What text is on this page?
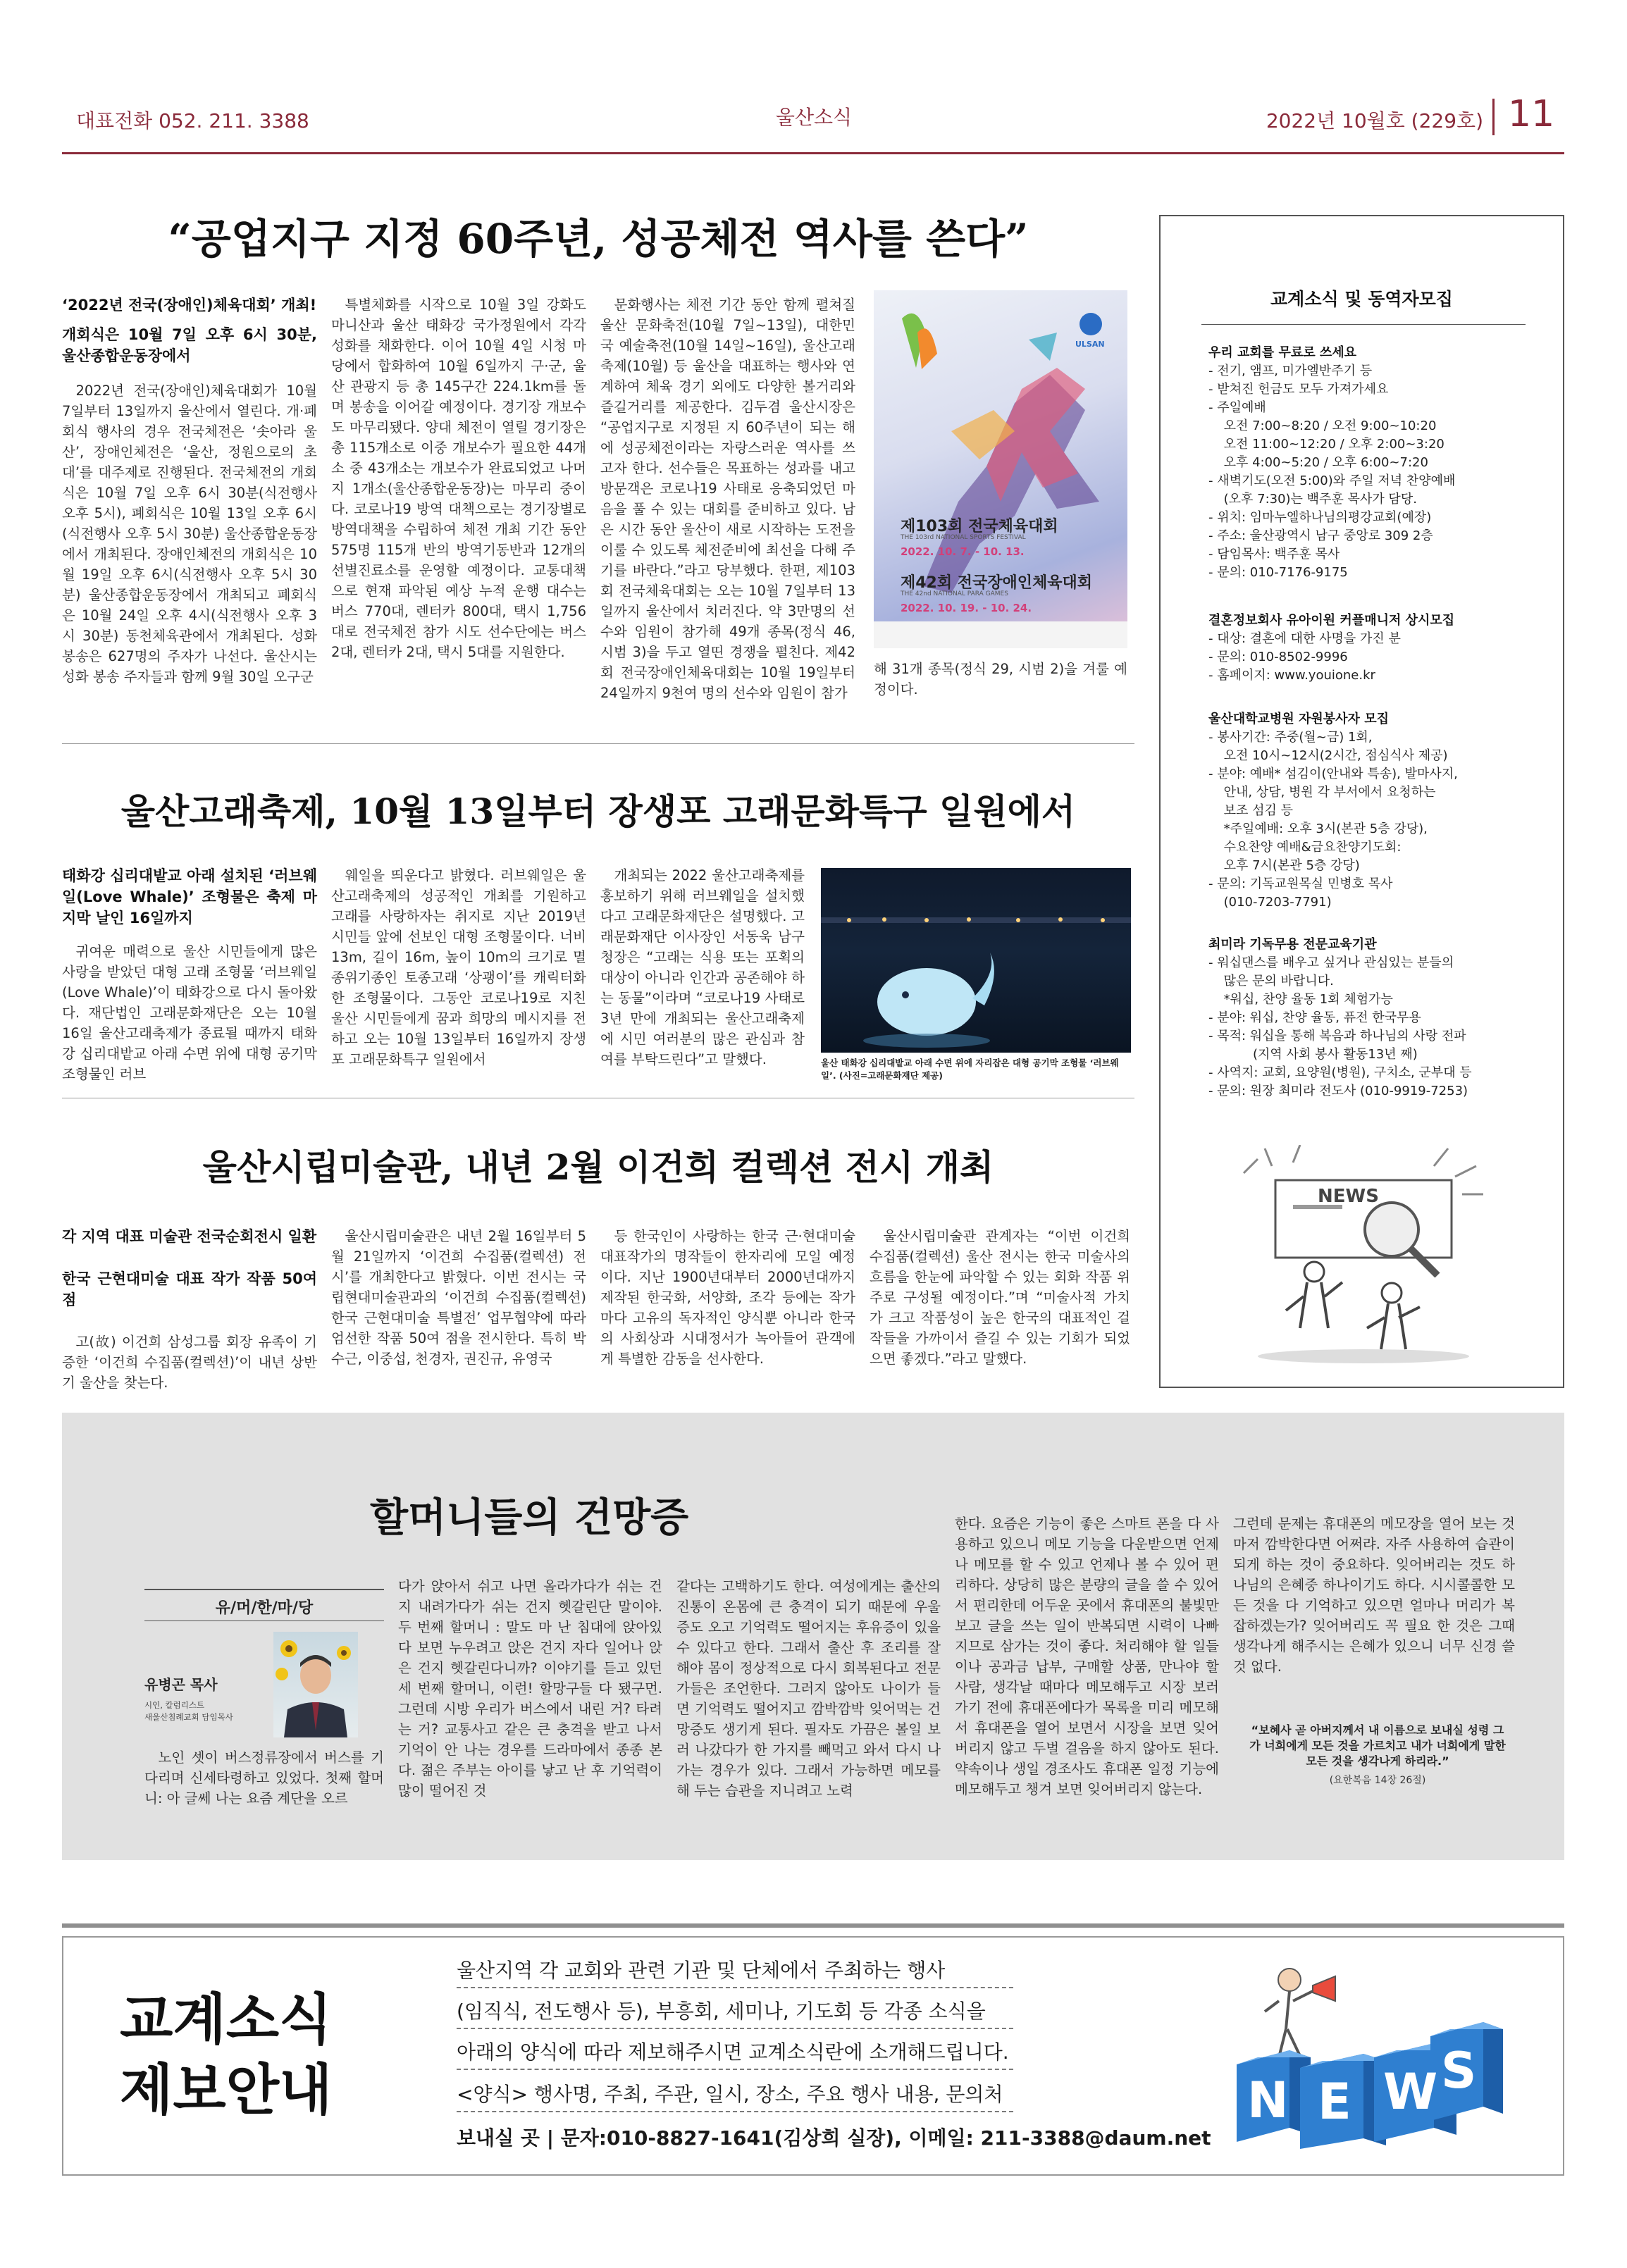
대표전화 052. 211. 3388	울산소식	2022년 10월호 (229호) 11
“공업지구 지정 60주년, 성공체전 역사를 쓴다”
‘2022년 전국(장애인)체육대회’ 개최!
개회식은 10월 7일 오후 6시 30분, 울산종합운동장에서

2022년 전국(장애인)체육대회가 10월 7일부터 13일까지 울산에서 열린다. 개·폐회식 행사의 경우 전국체전은 ‘솟아라 울산’, 장애인체전은 ‘울산, 정원으로의 초대’를 대주제로 진행된다. 전국체전의 개회식은 10월 7일 오후 6시 30분(식전행사 오후 5시), 폐회식은 10월 13일 오후 6시(식전행사 오후 5시 30분) 울산종합운동장에서 개최된다. 장애인체전의 개회식은 10월 19일 오후 6시(식전행사 오후 5시 30분) 울산종합운동장에서 개최되고 폐회식은 10월 24일 오후 4시(식전행사 오후 3시 30분) 동천체육관에서 개최된다. 성화 봉송은 627명의 주자가 나선다. 울산시는 성화 봉송 주자들과 함께 9월 30일 오구군

특별체화를 시작으로 10월 3일 강화도 마니산과 울산 태화강 국가정원에서 각각 성화를 채화한다. 이어 10월 4일 시청 마당에서 합화하여 10월 6일까지 구·군, 울산 관광지 등 총 145구간 224.1km를 돌며 봉송을 이어갈 예정이다. 경기장 개보수도 마무리됐다. 양대 체전이 열릴 경기장은 총 115개소로 이중 개보수가 필요한 44개소 중 43개소는 개보수가 완료되었고 나머지 1개소(울산종합운동장)는 마무리 중이다. 코로나19 방역 대책으로는 경기장별로 방역대책을 수립하여 체전 개최 기간 동안 575명 115개 반의 방역기동반과 12개의 선별진료소를 운영할 예정이다. 교통대책으로 현재 파악된 예상 누적 운행 대수는 버스 770대, 렌터카 800대, 택시 1,756대로 전국체전 참가 시도 선수단에는 버스 2대, 렌터카 2대, 택시 5대를 지원한다.

문화행사는 체전 기간 동안 함께 펼쳐질 울산 문화축전(10월 7일~13일), 대한민국 예술축전(10월 14일~16일), 울산고래축제(10월) 등 울산을 대표하는 행사와 연계하여 체육 경기 외에도 다양한 볼거리와 즐길거리를 제공한다. 김두겸 울산시장은 “공업지구로 지정된 지 60주년이 되는 해에 성공체전이라는 자랑스러운 역사를 쓰고자 한다. 선수들은 목표하는 성과를 내고 방문객은 코로나19 사태로 응축되었던 마음을 풀 수 있는 대회를 준비하고 있다. 남은 시간 동안 울산이 새로 시작하는 도전을 이룰 수 있도록 체전준비에 최선을 다해 주기를 바란다.”라고 당부했다. 한편, 제103회 전국체육대회는 오는 10월 7일부터 13일까지 울산에서 치러진다. 약 3만명의 선수와 임원이 참가해 49개 종목(정식 46, 시범 3)을 두고 열띤 경쟁을 펼친다. 제42회 전국장애인체육대회는 10월 19일부터 24일까지 9천여 명의 선수와 임원이 참가

ULSAN
제103회 전국체육대회
THE 103rd NATIONAL SPORTS FESTIVAL
2022. 10. 7. - 10. 13.
제42회 전국장애인체육대회
THE 42nd NATIONAL PARA GAMES
2022. 10. 19. - 10. 24.

해 31개 종목(정식 29, 시범 2)을 겨룰 예정이다.

울산고래축제, 10월 13일부터 장생포 고래문화특구 일원에서
태화강 십리대밭교 아래 설치된 ‘러브웨일(Love Whale)’ 조형물은 축제 마지막 날인 16일까지

귀여운 매력으로 울산 시민들에게 많은 사랑을 받았던 대형 고래 조형물 ‘러브웨일(Love Whale)’이 태화강으로 다시 돌아왔다. 재단법인 고래문화재단은 오는 10월 16일 울산고래축제가 종료될 때까지 태화강 십리대밭교 아래 수면 위에 대형 공기막 조형물인 러브

웨일을 띄운다고 밝혔다. 러브웨일은 울산고래축제의 성공적인 개최를 기원하고 고래를 사랑하자는 취지로 지난 2019년 시민들 앞에 선보인 대형 조형물이다. 너비 13m, 길이 16m, 높이 10m의 크기로 멸종위기종인 토종고래 ‘상괭이’를 캐릭터화한 조형물이다. 그동안 코로나19로 지친 울산 시민들에게 꿈과 희망의 메시지를 전하고 오는 10월 13일부터 16일까지 장생포 고래문화특구 일원에서

개최되는 2022 울산고래축제를 홍보하기 위해 러브웨일을 설치했다고 고래문화재단은 설명했다. 고래문화재단 이사장인 서동욱 남구청장은 “고래는 식용 또는 포획의 대상이 아니라 인간과 공존해야 하는 동물”이라며 “코로나19 사태로 3년 만에 개최되는 울산고래축제에 시민 여러분의 많은 관심과 참여를 부탁드린다”고 말했다.	울산 태화강 십리대밭교 아래 수면 위에 자리잡은 대형 공기막 조형물 ‘러브웨일’. (사진=고래문화재단 제공)
울산시립미술관, 내년 2월 이건희 컬렉션 전시 개최
각 지역 대표 미술관 전국순회전시 일환
한국 근현대미술 대표 작가 작품 50여점

고(故) 이건희 삼성그룹 회장 유족이 기증한 ‘이건희 수집품(컬렉션)’이 내년 상반기 울산을 찾는다.

울산시립미술관은 내년 2월 16일부터 5월 21일까지 ‘이건희 수집품(컬렉션) 전시’를 개최한다고 밝혔다. 이번 전시는 국립현대미술관과의 ‘이건희 수집품(컬렉션) 한국 근현대미술 특별전’ 업무협약에 따라 엄선한 작품 50여 점을 전시한다. 특히 박수근, 이중섭, 천경자, 권진규, 유영국

등 한국인이 사랑하는 한국 근·현대미술 대표작가의 명작들이 한자리에 모일 예정이다. 지난 1900년대부터 2000년대까지 제작된 한국화, 서양화, 조각 등에는 작가마다 고유의 독자적인 양식뿐 아니라 한국의 사회상과 시대정서가 녹아들어 관객에게 특별한 감동을 선사한다.

울산시립미술관 관계자는 “이번 이건희 수집품(컬렉션) 울산 전시는 한국 미술사의 흐름을 한눈에 파악할 수 있는 회화 작품 위주로 구성될 예정이다.”며 “미술사적 가치가 크고 작품성이 높은 한국의 대표적인 걸작들을 가까이서 즐길 수 있는 기회가 되었으면 좋겠다.”라고 말했다.

교계소식 및 동역자모집
우리 교회를 무료로 쓰세요
- 전기, 앰프, 미가엘반주기 등
- 받쳐진 헌금도 모두 가져가세요
- 주일예배
오전 7:00~8:20 / 오전 9:00~10:20
오전 11:00~12:20 / 오후 2:00~3:20
오후 4:00~5:20 / 오후 6:00~7:20
- 새벽기도(오전 5:00)와 주일 저녁 찬양예배
(오후 7:30)는 백주훈 목사가 담당.
- 위치: 임마누엘하나님의평강교회(예장)
- 주소: 울산광역시 남구 중앙로 309 2층
- 담임목사: 백주훈 목사
- 문의: 010-7176-9175
결혼정보회사 유아이원 커플매니저 상시모집
- 대상: 결혼에 대한 사명을 가진 분
- 문의: 010-8502-9996
- 홈페이지: www.youione.kr
울산대학교병원 자원봉사자 모집
- 봉사기간: 주중(월~금) 1회,
오전 10시~12시(2시간, 점심식사 제공)
- 분야: 예배* 섬김이(안내와 특송), 발마사지,
안내, 상담, 병원 각 부서에서 요청하는
보조 섬김 등
*주일예배: 오후 3시(본관 5층 강당),
수요찬양 예배&금요찬양기도회:
오후 7시(본관 5층 강당)
- 문의: 기독교원목실 민병호 목사
(010-7203-7791)
최미라 기독무용 전문교육기관
- 워십댄스를 배우고 싶거나 관심있는 분들의
많은 문의 바랍니다.
*워십, 찬양 율동 1회 체험가능
- 분야: 워십, 찬양 율동, 퓨전 한국무용
- 목적: 워십을 통해 복음과 하나님의 사랑 전파
(지역 사회 봉사 활동13년 째)
- 사역지: 교회, 요양원(병원), 구치소, 군부대 등
- 문의: 원장 최미라 전도사 (010-9919-7253)
NEWS
할머니들의 건망증
유/머/한/마/당
유병곤 목사
시인, 칼럼리스트
새울산침례교회 담임목사

노인 셋이 버스정류장에서 버스를 기다리며 신세타령하고 있었다. 첫째 할머니: 아 글쎄 나는 요즘 계단을 오르

다가 앉아서 쉬고 나면 올라가다가 쉬는 건지 내려가다가 쉬는 건지 헷갈린단 말이야. 두 번째 할머니 : 말도 마 난 침대에 앉아있다 보면 누우려고 앉은 건지 자다 일어나 앉은 건지 헷갈린다니까? 이야기를 듣고 있던 세 번째 할머니, 이런! 할망구들 다 됐구먼. 그런데 시방 우리가 버스에서 내린 거? 타려는 거? 교통사고 같은 큰 충격을 받고 나서 기억이 안 나는 경우를 드라마에서 종종 본다. 젊은 주부는 아이를 낳고 난 후 기억력이 많이 떨어진 것

같다는 고백하기도 한다. 여성에게는 출산의 진통이 온몸에 큰 충격이 되기 때문에 우울증도 오고 기억력도 떨어지는 후유증이 있을 수 있다고 한다. 그래서 출산 후 조리를 잘 해야 몸이 정상적으로 다시 회복된다고 전문가들은 조언한다. 그러지 않아도 나이가 들면 기억력도 떨어지고 깜박깜박 잊어먹는 건망증도 생기게 된다. 필자도 가끔은 볼일 보러 나갔다가 한 가지를 빼먹고 와서 다시 나가는 경우가 있다. 그래서 가능하면 메모를 해 두는 습관을 지니려고 노력

한다. 요즘은 기능이 좋은 스마트 폰을 다 사용하고 있으니 메모 기능을 다운받으면 언제나 메모를 할 수 있고 언제나 볼 수 있어 편리하다. 상당히 많은 분량의 글을 쓸 수 있어서 편리한데 어두운 곳에서 휴대폰의 불빛만 보고 글을 쓰는 일이 반복되면 시력이 나빠지므로 삼가는 것이 좋다. 처리해야 할 일들이나 공과금 납부, 구매할 상품, 만나야 할 사람, 생각날 때마다 메모해두고 시장 보러 가기 전에 휴대폰에다가 목록을 미리 메모해서 휴대폰을 열어 보면서 시장을 보면 잊어버리지 않고 두벌 걸음을 하지 않아도 된다. 약속이나 생일 경조사도 휴대폰 일정 기능에 메모해두고 챙겨 보면 잊어버리지 않는다.

그런데 문제는 휴대폰의 메모장을 열어 보는 것마저 깜박한다면 어쩌랴. 자주 사용하여 습관이 되게 하는 것이 중요하다. 잊어버리는 것도 하나님의 은혜중 하나이기도 하다. 시시콜콜한 모든 것을 다 기억하고 있으면 얼마나 머리가 복잡하겠는가? 잊어버리도 꼭 필요 한 것은 그때 생각나게 해주시는 은혜가 있으니 너무 신경 쓸 것 없다.

“보혜사 곧 아버지께서 내 이름으로 보내실 성령 그가 너희에게 모든 것을 가르치고 내가 너희에게 말한 모든 것을 생각나게 하리라.”
(요한복음 14장 26절)
교계소식
제보안내
울산지역 각 교회와 관련 기관 및 단체에서 주최하는 행사
(임직식, 전도행사 등), 부흥회, 세미나, 기도회 등 각종 소식을
아래의 양식에 따라 제보해주시면 교계소식란에 소개해드립니다.
<양식> 행사명, 주최, 주관, 일시, 장소, 주요 행사 내용, 문의처
보내실 곳 | 문자:010-8827-1641(김상희 실장), 이메일: 211-3388@daum.net
N E W S
